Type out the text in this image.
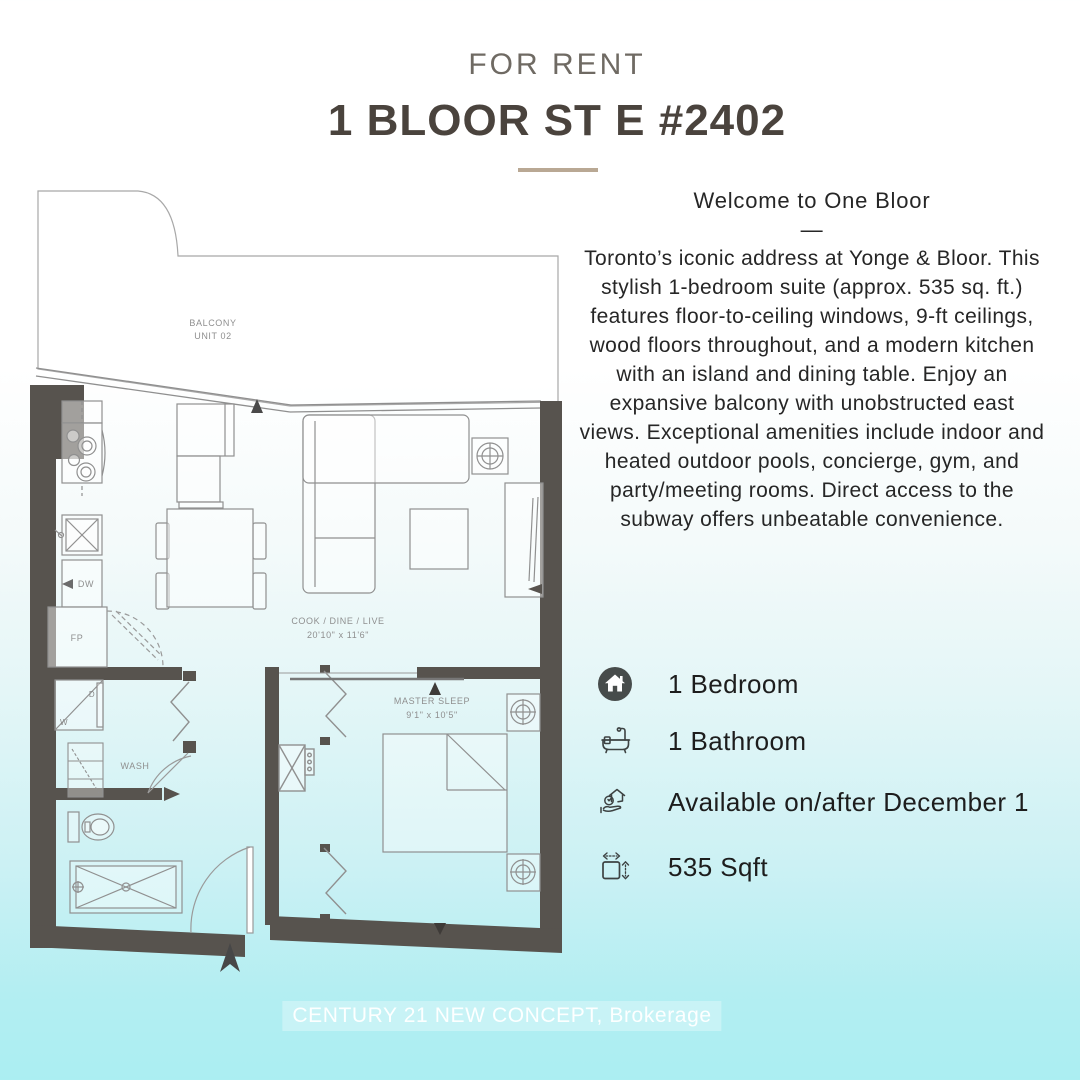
FOR RENT
1 BLOOR ST E #2402
BALCONY
UNIT 02
DW
FP
COOK / DINE / LIVE
20'10" x 11'6"
MASTER SLEEP
9'1" x 10'5"
D
W
WASH
Welcome to One Bloor
—
Toronto’s iconic address at Yonge & Bloor. This stylish 1-bedroom suite (approx. 535 sq. ft.) features floor-to-ceiling windows, 9-ft ceilings, wood floors throughout, and a modern kitchen with an island and dining table. Enjoy an expansive balcony with unobstructed east views. Exceptional amenities include indoor and heated outdoor pools, concierge, gym, and party/meeting rooms. Direct access to the subway offers unbeatable convenience.
1 Bedroom
1 Bathroom
Available on/after December 1
535 Sqft
CENTURY 21 NEW CONCEPT, Brokerage
